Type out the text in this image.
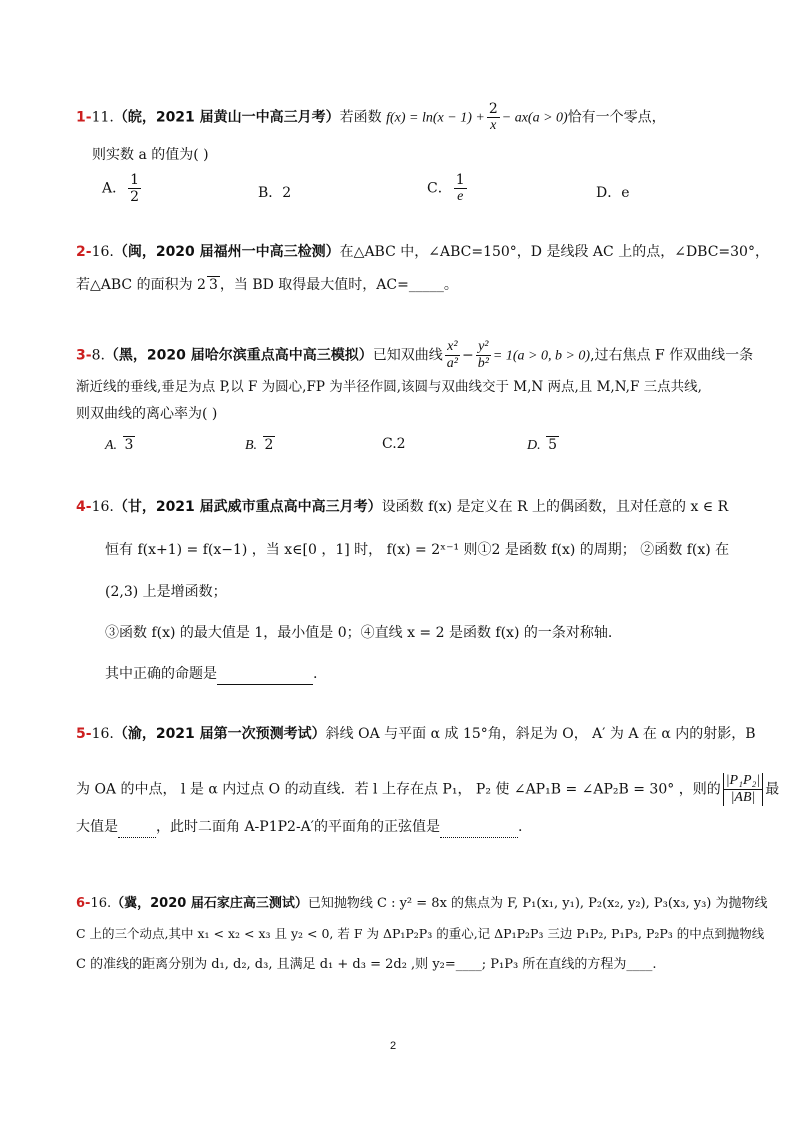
1-11.（皖，2021 届黄山一中高三月考）若函数 $f(x) = \ln(x - 1) + \frac{2}{x} - ax(a > 0)$恰有一个零点，
则实数 a 的值为( )
A． $\frac{1}{2}$	B．2	C． $\frac{1}{e}$	D．e
2-16.（闽，2020 届福州一中高三检测）在△ABC 中，∠ABC=150°，D 是线段 AC 上的点，∠DBC=30°，
若△ABC 的面积为 2 3 ，当 BD 取得最大值时，AC=_____。
3-8.（黑，2020 届哈尔滨重点高中高三模拟）已知双曲线 $\frac{\text{x²}}{\text{a²}} - \frac{\text{y²}}{\text{b²}} = 1(a > 0$, b > 0),过右焦点 F 作双曲线一条
渐近线的垂线,垂足为点 P,以 F 为圆心,FP 为半径作圆,该圆与双曲线交于 M,N 两点,且 M,N,F 三点共线,
则双曲线的离心率为( )
A. 3	B. 2	C.2	D. 5
4-16.（甘，2021 届武威市重点高中高三月考）设函数 f(x) 是定义在 R 上的偶函数，且对任意的 x ∈ R
恒有 f(x+1) = f(x−1) ，当 x∈[0 ，1] 时， f(x) = 2ˣ⁻¹ 则①2 是函数 f(x) 的周期； ②函数 f(x) 在
(2,3) 上是增函数；
③函数 f(x) 的最大值是 1，最小值是 0；④直线 x = 2 是函数 f(x) 的一条对称轴.
其中正确的命题是	.
5-16.（渝，2021 届第一次预测考试）斜线 OA 与平面 α 成 15°角，斜足为 O， A′ 为 A 在 α 内的射影，B
为 OA 的中点， l 是 α 内过点 O 的动直线．若 l 上存在点 P₁， P₂ 使 ∠AP₁B = ∠AP₂B = 30° ，则的 $\frac{\text{|P₁P₂|}}{|AB|}$ 最
大值是	，此时二面角 A-P1P2-A′的平面角的正弦值是	.
6-16.（冀，2020 届石家庄高三测试）已知抛物线 C : y² = 8x 的焦点为 F, P₁(x₁, y₁), P₂(x₂, y₂), P₃(x₃, y₃) 为抛物线
C 上的三个动点,其中 x₁ < x₂ < x₃ 且 y₂ < 0, 若 F 为 ΔP₁P₂P₃ 的重心,记 ΔP₁P₂P₃ 三边 P₁P₂, P₁P₃, P₂P₃ 的中点到抛物线
C 的准线的距离分别为 d₁, d₂, d₃, 且满足 d₁ + d₃ = 2d₂ ,则 y₂=____; P₁P₃ 所在直线的方程为____.
2
